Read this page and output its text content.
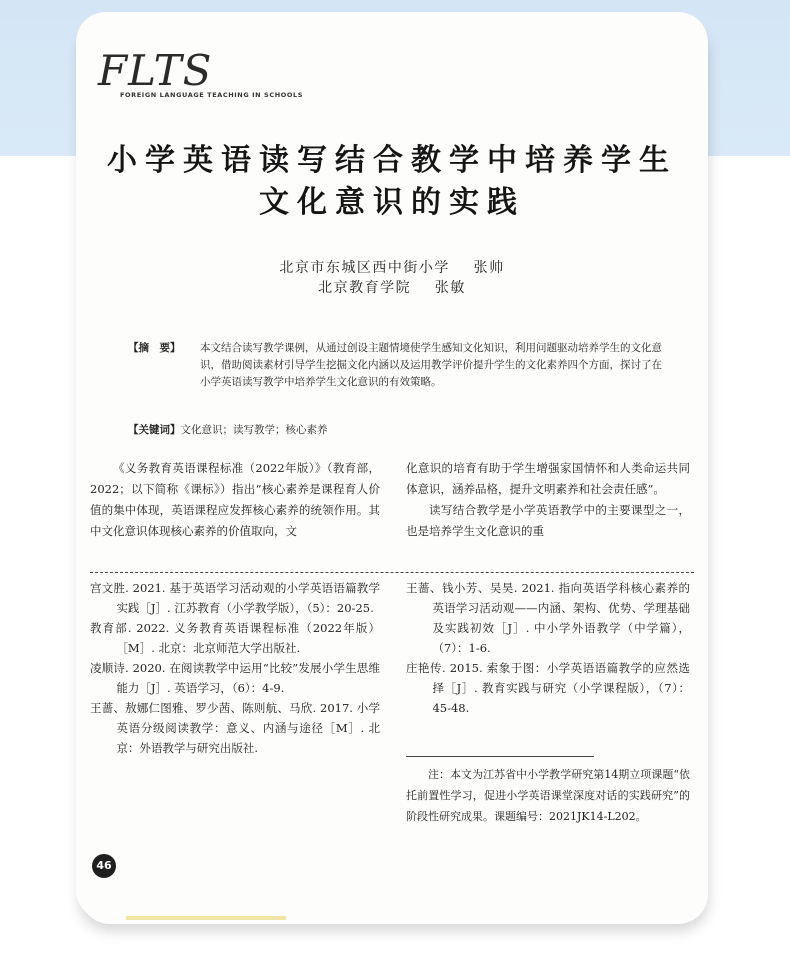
FLTS
FOREIGN LANGUAGE TEACHING IN SCHOOLS
小学英语读写结合教学中培养学生
文化意识的实践
北京市东城区西中街小学    张帅
北京教育学院    张敏
【摘　要】 本文结合读写教学课例，从通过创设主题情境使学生感知文化知识，利用问题驱动培养学生的文化意识，借助阅读素材引导学生挖掘文化内涵以及运用教学评价提升学生的文化素养四个方面，探讨了在小学英语读写教学中培养学生文化意识的有效策略。
【关键词】文化意识；读写教学；核心素养

《义务教育英语课程标准（2022年版）》（教育部，2022；以下简称《课标》）指出“核心素养是课程育人价值的集中体现，英语课程应发挥核心素养的统领作用。其中文化意识体现核心素养的价值取向，文

化意识的培育有助于学生增强家国情怀和人类命运共同体意识，涵养品格，提升文明素养和社会责任感”。

读写结合教学是小学英语教学中的主要课型之一，也是培养学生文化意识的重

宫文胜. 2021. 基于英语学习活动观的小学英语语篇教学实践［J］. 江苏教育（小学教学版），（5）：20-25.

教育部. 2022. 义务教育英语课程标准（2022年版）［M］. 北京：北京师范大学出版社.

凌顺诗. 2020. 在阅读教学中运用“比较”发展小学生思维能力［J］. 英语学习，（6）：4-9.

王蔷、敖娜仁图雅、罗少茜、陈则航、马欣. 2017. 小学英语分级阅读教学：意义、内涵与途径［M］. 北京：外语教学与研究出版社.

王蔷、钱小芳、吴昊. 2021. 指向英语学科核心素养的英语学习活动观——内涵、架构、优势、学理基础及实践初效［J］. 中小学外语教学（中学篇），（7）：1-6.

庄艳传. 2015. 索象于图：小学英语语篇教学的应然选择［J］. 教育实践与研究（小学课程版），（7）：45-48.

注：本文为江苏省中小学教学研究第14期立项课题“依托前置性学习，促进小学英语课堂深度对话的实践研究”的阶段性研究成果。课题编号：2021JK14-L202。

46
